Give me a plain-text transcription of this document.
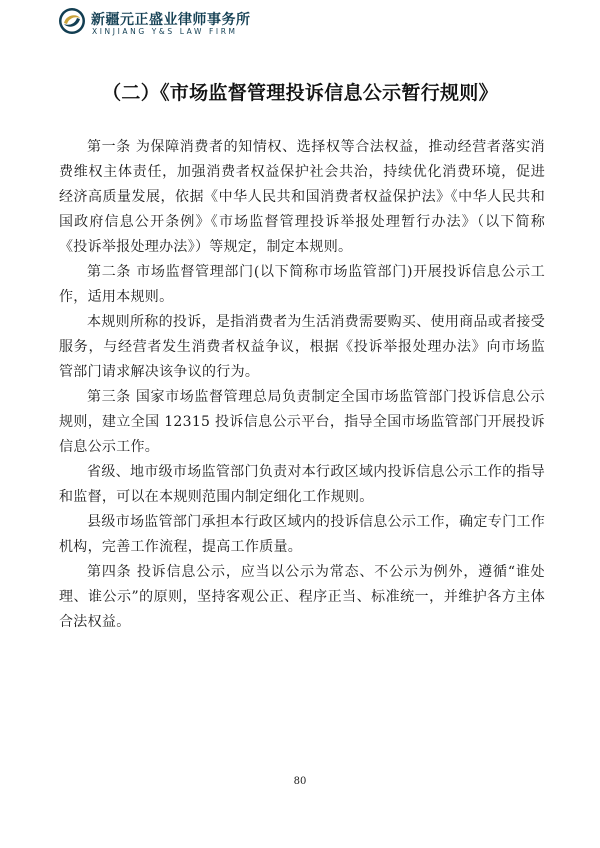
新疆元正盛业律师事务所
XINJIANG Y&S LAW FIRM
（二）《市场监督管理投诉信息公示暂行规则》

第一条 为保障消费者的知情权、选择权等合法权益，推动经营者落实消费维权主体责任，加强消费者权益保护社会共治，持续优化消费环境，促进经济高质量发展，依据《中华人民共和国消费者权益保护法》《中华人民共和国政府信息公开条例》《市场监督管理投诉举报处理暂行办法》（以下简称《投诉举报处理办法》）等规定，制定本规则。

第二条 市场监督管理部门(以下简称市场监管部门)开展投诉信息公示工作，适用本规则。

本规则所称的投诉，是指消费者为生活消费需要购买、使用商品或者接受服务，与经营者发生消费者权益争议，根据《投诉举报处理办法》向市场监管部门请求解决该争议的行为。

第三条 国家市场监督管理总局负责制定全国市场监管部门投诉信息公示规则，建立全国 12315 投诉信息公示平台，指导全国市场监管部门开展投诉信息公示工作。

省级、地市级市场监管部门负责对本行政区域内投诉信息公示工作的指导和监督，可以在本规则范围内制定细化工作规则。

县级市场监管部门承担本行政区域内的投诉信息公示工作，确定专门工作机构，完善工作流程，提高工作质量。

第四条 投诉信息公示，应当以公示为常态、不公示为例外，遵循“谁处理、谁公示”的原则，坚持客观公正、程序正当、标准统一，并维护各方主体合法权益。

80
